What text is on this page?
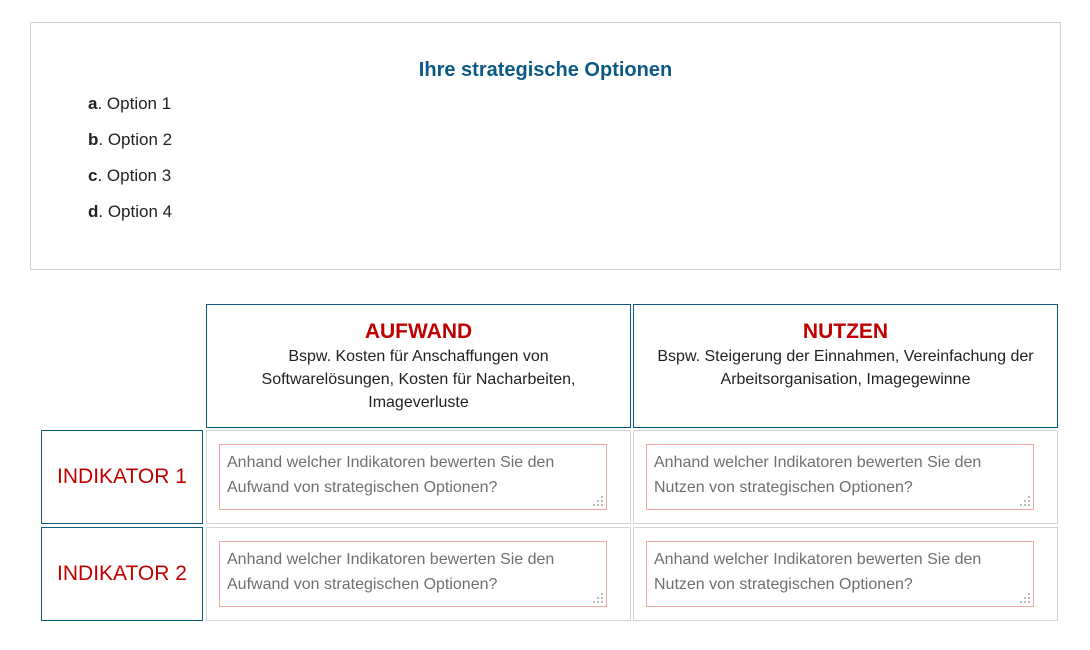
Ihre strategische Optionen
a. Option 1
b. Option 2
c. Option 3
d. Option 4
AUFWAND
Bspw. Kosten für Anschaffungen von Softwarelösungen, Kosten für Nacharbeiten, Imageverluste
NUTZEN
Bspw. Steigerung der Einnahmen, Vereinfachung der Arbeitsorganisation, Imagegewinne
INDIKATOR 1
Anhand welcher Indikatoren bewerten Sie den Aufwand von strategischen Optionen?
Anhand welcher Indikatoren bewerten Sie den Nutzen von strategischen Optionen?
INDIKATOR 2
Anhand welcher Indikatoren bewerten Sie den Aufwand von strategischen Optionen?
Anhand welcher Indikatoren bewerten Sie den Nutzen von strategischen Optionen?
